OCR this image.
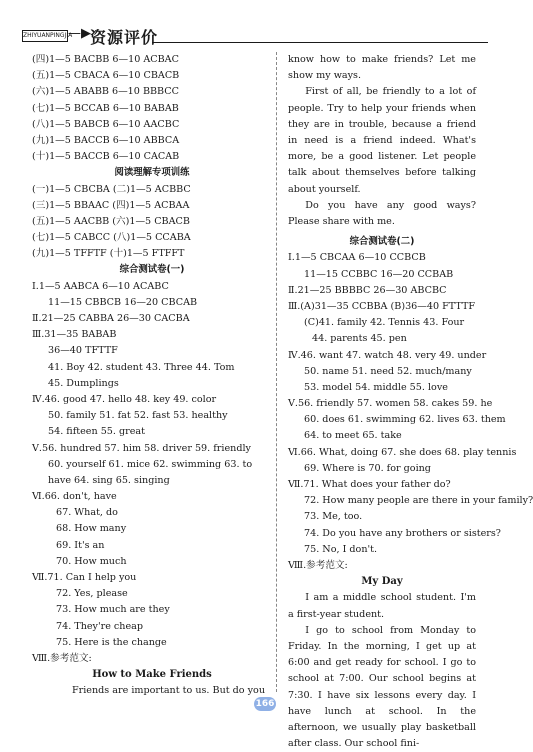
ZHIYUANPINGJIA
—▶ 资源评价
(四)1—5 BACBB 6—10 ACBAC
(五)1—5 CBACA 6—10 CBACB
(六)1—5 ABABB 6—10 BBBCC
(七)1—5 BCCAB 6—10 BABAB
(八)1—5 BABCB 6—10 AACBC
(九)1—5 BACCB 6—10 ABBCA
(十)1—5 BACCB 6—10 CACAB
阅读理解专项训练
(一)1—5 CBCBA (二)1—5 ACBBC
(三)1—5 BBAAC (四)1—5 ACBAA
(五)1—5 AACBB (六)1—5 CBACB
(七)1—5 CABCC (八)1—5 CCABA
(九)1—5 TFFTF (十)1—5 FTFFT
综合测试卷(一)
Ⅰ.1—5 AABCA 6—10 ACABC
11—15 CBBCB 16—20 CBCAB
Ⅱ.21—25 CABBA 26—30 CACBA
Ⅲ.31—35 BABAB
36—40 TFTTF
41. Boy 42. student 43. Three 44. Tom
45. Dumplings
Ⅳ.46. good 47. hello 48. key 49. color
50. family 51. fat 52. fast 53. healthy
54. fifteen 55. great
Ⅴ.56. hundred 57. him 58. driver 59. friendly
60. yourself 61. mice 62. swimming 63. to
have 64. sing 65. singing
Ⅵ.66. don't, have
67. What, do
68. How many
69. It's an
70. How much
Ⅶ.71. Can I help you
72. Yes, please
73. How much are they
74. They're cheap
75. Here is the change
Ⅷ.参考范文:
How to Make Friends
Friends are important to us. But do you

know how to make friends? Let me show my ways.

First of all, be friendly to a lot of people. Try to help your friends when they are in trouble, because a friend in need is a friend indeed. What's more, be a good listener. Let people talk about themselves before talking about yourself.

Do you have any good ways? Please share with me.

综合测试卷(二)
Ⅰ.1—5 CBCAA 6—10 CCBCB
11—15 CCBBC 16—20 CCBAB
Ⅱ.21—25 BBBBC 26—30 ABCBC
Ⅲ.(A)31—35 CCBBA (B)36—40 FTTTF
(C)41. family 42. Tennis 43. Four
44. parents 45. pen
Ⅳ.46. want 47. watch 48. very 49. under
50. name 51. need 52. much/many
53. model 54. middle 55. love
Ⅴ.56. friendly 57. women 58. cakes 59. he
60. does 61. swimming 62. lives 63. them
64. to meet 65. take
Ⅵ.66. What, doing 67. she does 68. play tennis
69. Where is 70. for going
Ⅶ.71. What does your father do?
72. How many people are there in your family?
73. Me, too.
74. Do you have any brothers or sisters?
75. No, I don't.
Ⅷ.参考范文:
My Day

I am a middle school student. I'm a first-year student.

I go to school from Monday to Friday. In the morning, I get up at 6:00 and get ready for school. I go to school at 7:00. Our school begins at 7:30. I have six lessons every day. I have lunch at school. In the afternoon, we usually play basketball after class. Our school fini-

166
